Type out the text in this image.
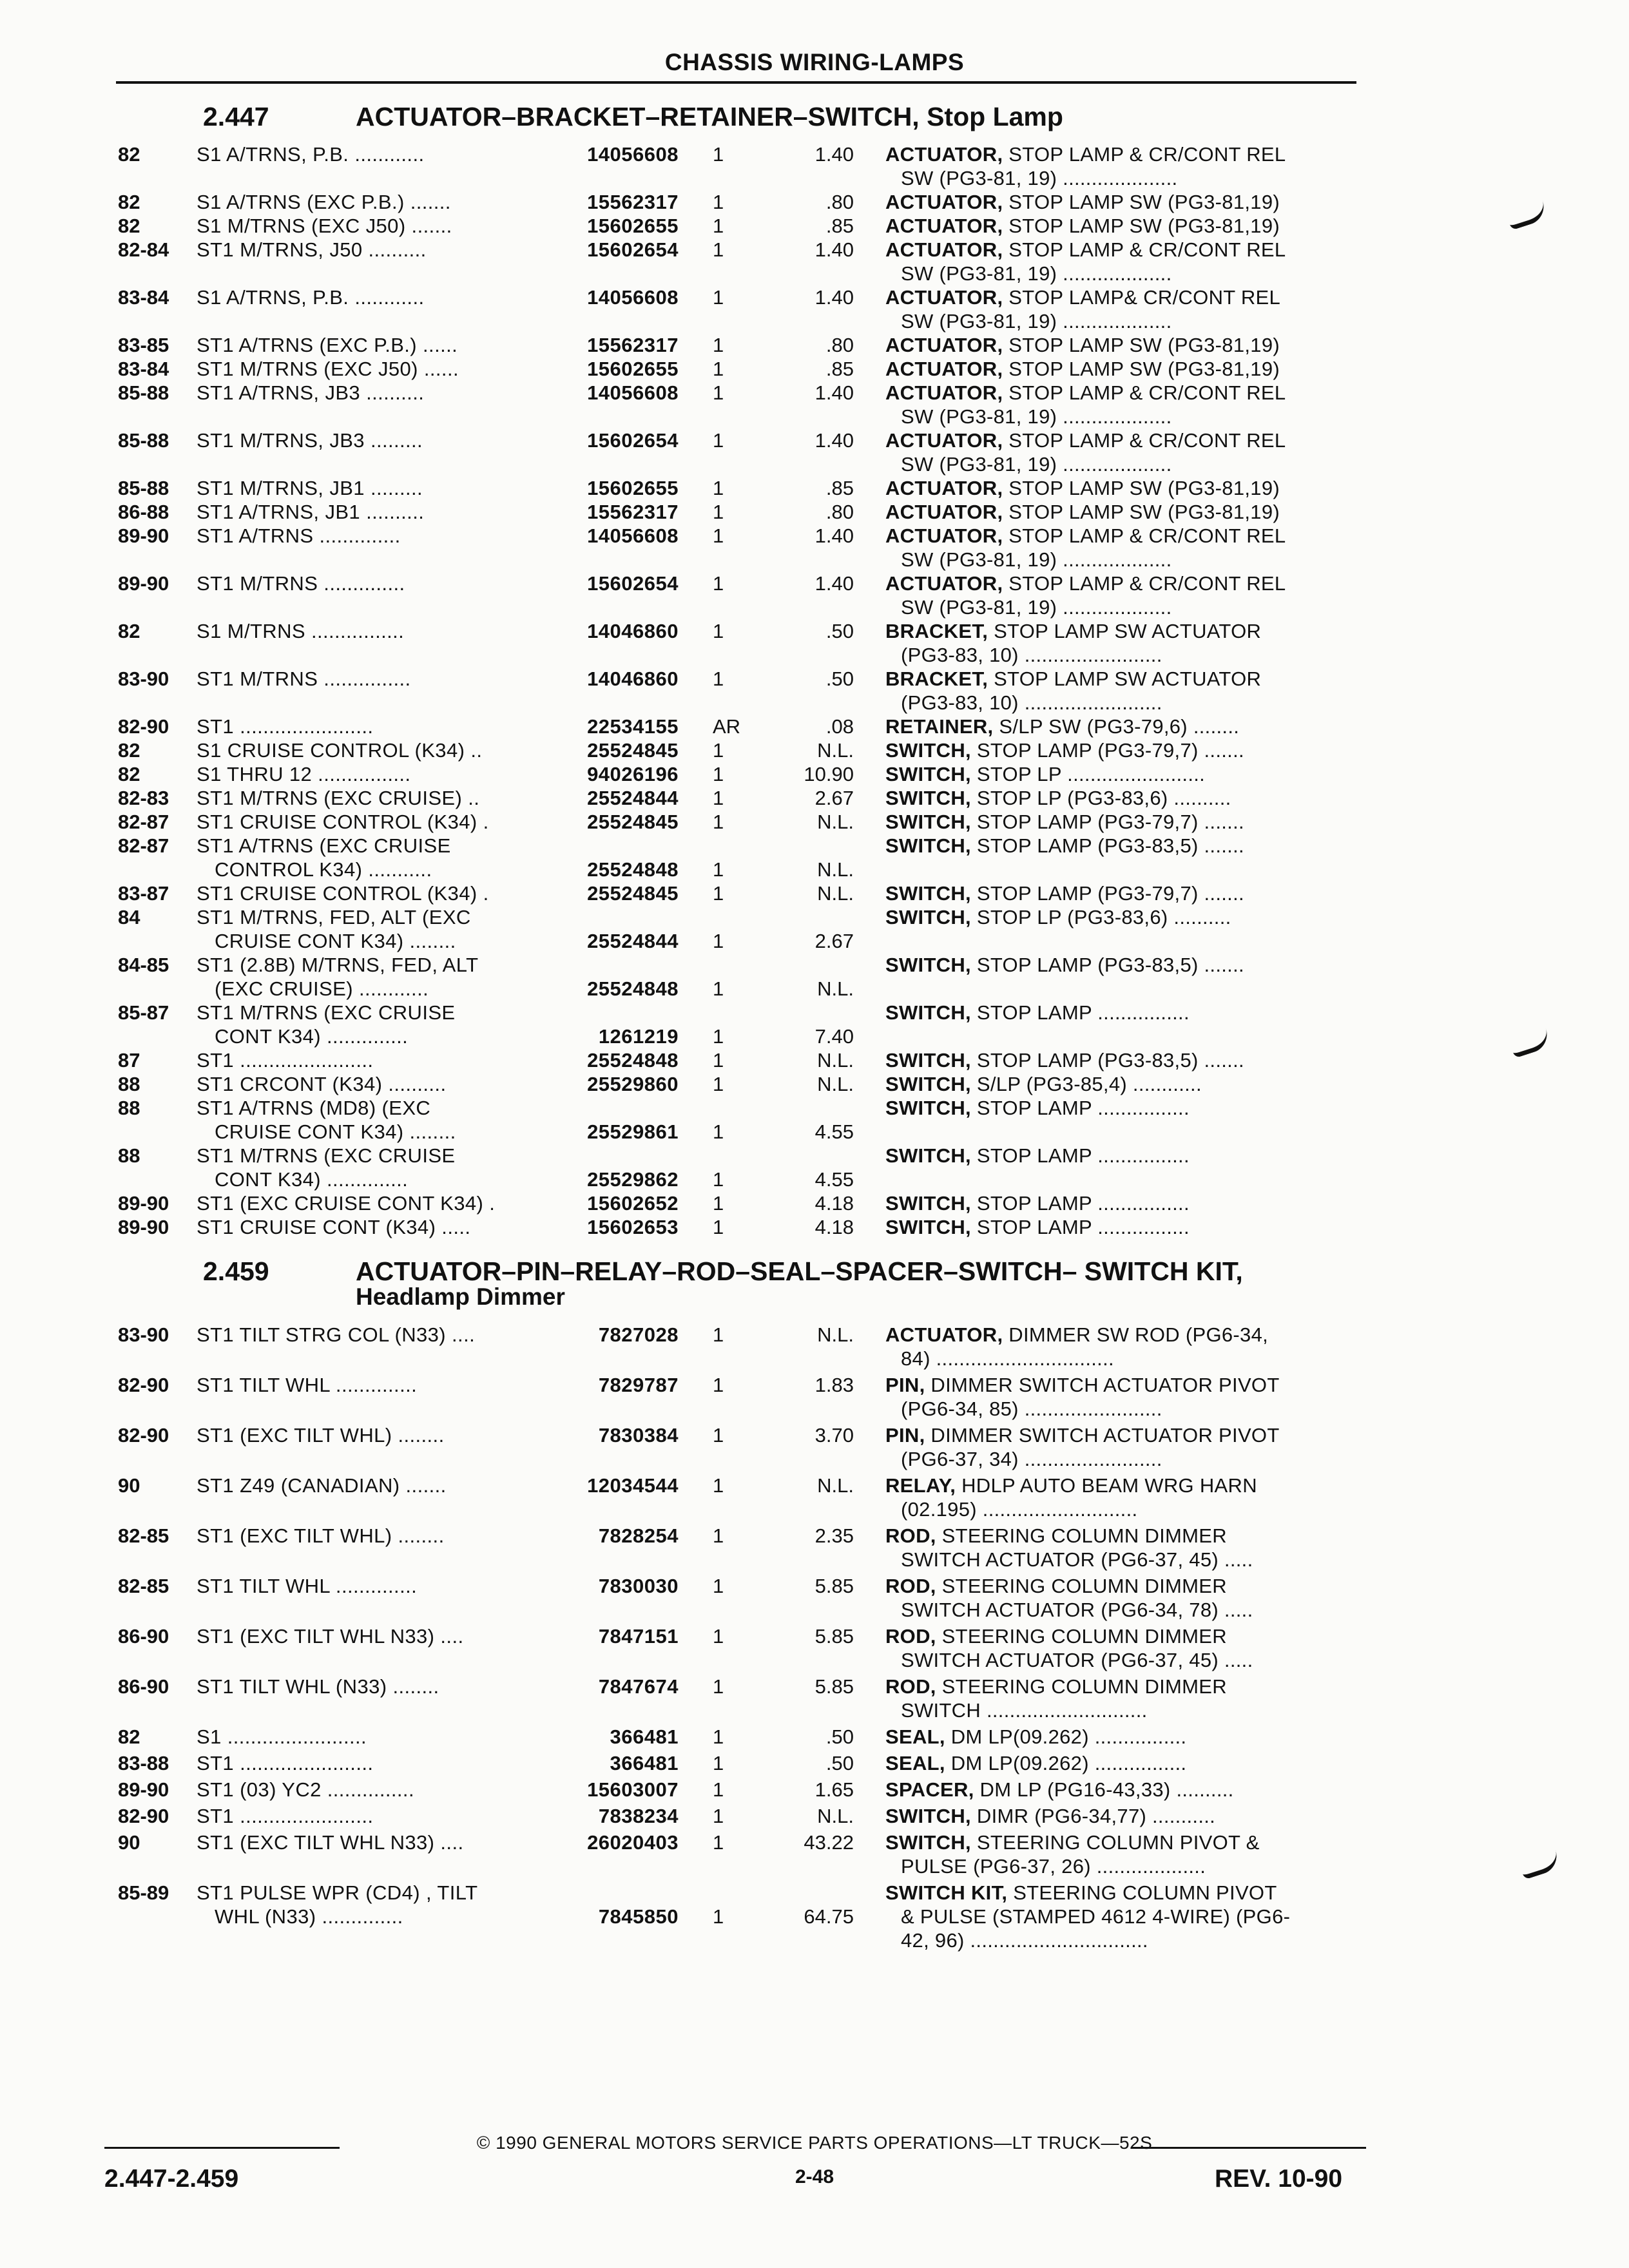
CHASSIS WIRING-LAMPS
2.447	ACTUATOR–BRACKET–RETAINER–SWITCH, Stop Lamp
82	S1 A/TRNS, P.B. ............	14056608 1	1.40 ACTUATOR, STOP LAMP & CR/CONT REL
SW (PG3-81, 19) ....................
82	S1 A/TRNS (EXC P.B.) .......	15562317 1	.80 ACTUATOR, STOP LAMP SW (PG3-81,19)
82	S1 M/TRNS (EXC J50) .......	15602655 1	.85 ACTUATOR, STOP LAMP SW (PG3-81,19)
82-84 ST1 M/TRNS, J50 ..........	15602654 1	1.40 ACTUATOR, STOP LAMP & CR/CONT REL
SW (PG3-81, 19) ...................
83-84 S1 A/TRNS, P.B. ............	14056608 1	1.40 ACTUATOR, STOP LAMP& CR/CONT REL
SW (PG3-81, 19) ...................
83-85 ST1 A/TRNS (EXC P.B.) ......	15562317 1	.80 ACTUATOR, STOP LAMP SW (PG3-81,19)
83-84 ST1 M/TRNS (EXC J50) ......	15602655 1	.85 ACTUATOR, STOP LAMP SW (PG3-81,19)
85-88 ST1 A/TRNS, JB3 ..........	14056608 1	1.40 ACTUATOR, STOP LAMP & CR/CONT REL
SW (PG3-81, 19) ...................
85-88 ST1 M/TRNS, JB3 .........	15602654 1	1.40 ACTUATOR, STOP LAMP & CR/CONT REL
SW (PG3-81, 19) ...................
85-88 ST1 M/TRNS, JB1 .........	15602655 1	.85 ACTUATOR, STOP LAMP SW (PG3-81,19)
86-88 ST1 A/TRNS, JB1 ..........	15562317 1	.80 ACTUATOR, STOP LAMP SW (PG3-81,19)
89-90 ST1 A/TRNS ..............	14056608 1	1.40 ACTUATOR, STOP LAMP & CR/CONT REL
SW (PG3-81, 19) ...................
89-90 ST1 M/TRNS ..............	15602654 1	1.40 ACTUATOR, STOP LAMP & CR/CONT REL
SW (PG3-81, 19) ...................
82	S1 M/TRNS ................	14046860 1	.50 BRACKET, STOP LAMP SW ACTUATOR
(PG3-83, 10) ........................
83-90 ST1 M/TRNS ...............	14046860 1	.50 BRACKET, STOP LAMP SW ACTUATOR
(PG3-83, 10) ........................
82-90 ST1 .......................	22534155 AR	.08 RETAINER, S/LP SW (PG3-79,6) ........
82	S1 CRUISE CONTROL (K34) ..	25524845 1	N.L. SWITCH, STOP LAMP (PG3-79,7) .......
82	S1 THRU 12 ................	94026196 1	10.90 SWITCH, STOP LP ........................
82-83 ST1 M/TRNS (EXC CRUISE) ..	25524844 1	2.67 SWITCH, STOP LP (PG3-83,6) ..........
82-87 ST1 CRUISE CONTROL (K34) .	25524845 1	N.L. SWITCH, STOP LAMP (PG3-79,7) .......
82-87 ST1 A/TRNS (EXC CRUISE	SWITCH, STOP LAMP (PG3-83,5) .......
CONTROL K34) ...........	25524848 1	N.L.
83-87 ST1 CRUISE CONTROL (K34) .	25524845 1	N.L. SWITCH, STOP LAMP (PG3-79,7) .......
84	ST1 M/TRNS, FED, ALT (EXC	SWITCH, STOP LP (PG3-83,6) ..........
CRUISE CONT K34) ........	25524844 1	2.67
84-85 ST1 (2.8B) M/TRNS, FED, ALT	SWITCH, STOP LAMP (PG3-83,5) .......
(EXC CRUISE) ............	25524848 1	N.L.
85-87 ST1 M/TRNS (EXC CRUISE	SWITCH, STOP LAMP ................
CONT K34) ..............	1261219 1	7.40
87	ST1 .......................	25524848 1	N.L. SWITCH, STOP LAMP (PG3-83,5) .......
88	ST1 CRCONT (K34) ..........	25529860 1	N.L. SWITCH, S/LP (PG3-85,4) ............
88	ST1 A/TRNS (MD8) (EXC	SWITCH, STOP LAMP ................
CRUISE CONT K34) ........	25529861 1	4.55
88	ST1 M/TRNS (EXC CRUISE	SWITCH, STOP LAMP ................
CONT K34) ..............	25529862 1	4.55
89-90 ST1 (EXC CRUISE CONT K34) .	15602652 1	4.18 SWITCH, STOP LAMP ................
89-90 ST1 CRUISE CONT (K34) .....	15602653 1	4.18 SWITCH, STOP LAMP ................
2.459	ACTUATOR–PIN–RELAY–ROD–SEAL–SPACER–SWITCH– SWITCH KIT,
Headlamp Dimmer
83-90 ST1 TILT STRG COL (N33) ....	7827028 1	N.L. ACTUATOR, DIMMER SW ROD (PG6-34,
84) ...............................
82-90 ST1 TILT WHL ..............	7829787 1	1.83 PIN, DIMMER SWITCH ACTUATOR PIVOT
(PG6-34, 85) ........................
82-90 ST1 (EXC TILT WHL) ........	7830384 1	3.70 PIN, DIMMER SWITCH ACTUATOR PIVOT
(PG6-37, 34) ........................
90	ST1 Z49 (CANADIAN) .......	12034544 1	N.L. RELAY, HDLP AUTO BEAM WRG HARN
(02.195) ...........................
82-85 ST1 (EXC TILT WHL) ........	7828254 1	2.35 ROD, STEERING COLUMN DIMMER
SWITCH ACTUATOR (PG6-37, 45) .....
82-85 ST1 TILT WHL ..............	7830030 1	5.85 ROD, STEERING COLUMN DIMMER
SWITCH ACTUATOR (PG6-34, 78) .....
86-90 ST1 (EXC TILT WHL N33) ....	7847151 1	5.85 ROD, STEERING COLUMN DIMMER
SWITCH ACTUATOR (PG6-37, 45) .....
86-90 ST1 TILT WHL (N33) ........	7847674 1	5.85 ROD, STEERING COLUMN DIMMER
SWITCH ............................
82	S1 ........................	366481 1	.50 SEAL, DM LP(09.262) ................
83-88 ST1 .......................	366481 1	.50 SEAL, DM LP(09.262) ................
89-90 ST1 (03) YC2 ...............	15603007 1	1.65 SPACER, DM LP (PG16-43,33) ..........
82-90 ST1 .......................	7838234 1	N.L. SWITCH, DIMR (PG6-34,77) ...........
90	ST1 (EXC TILT WHL N33) ....	26020403 1	43.22 SWITCH, STEERING COLUMN PIVOT &
PULSE (PG6-37, 26) ...................
85-89 ST1 PULSE WPR (CD4) , TILT	SWITCH KIT, STEERING COLUMN PIVOT
WHL (N33) ..............	7845850 1	64.75 & PULSE (STAMPED 4612 4-WIRE) (PG6-
42, 96) ...............................
© 1990 GENERAL MOTORS SERVICE PARTS OPERATIONS—LT TRUCK—52S
2.447-2.459	2-48	REV. 10-90
